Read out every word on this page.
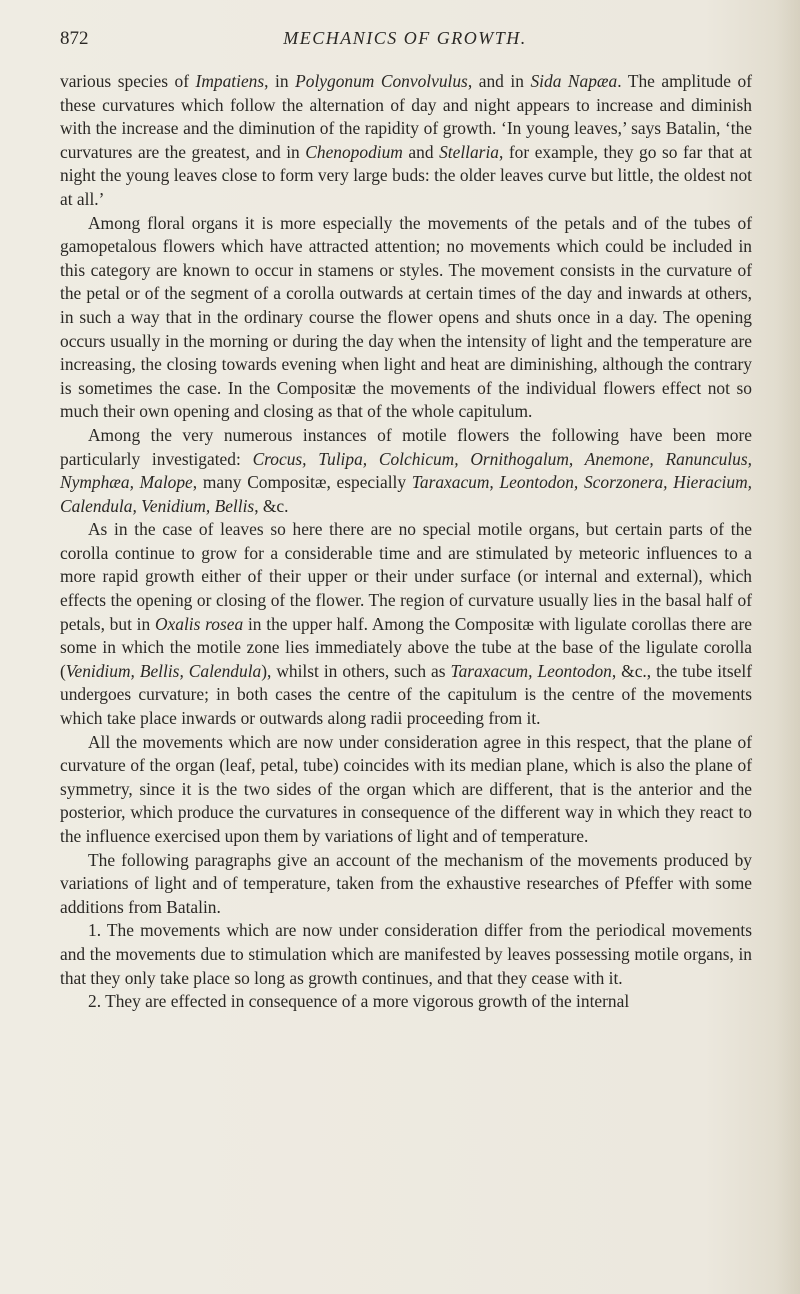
872	MECHANICS OF GROWTH.

various species of Impatiens, in Polygonum Convolvulus, and in Sida Napæa. The amplitude of these curvatures which follow the alternation of day and night appears to increase and diminish with the increase and the diminution of the rapidity of growth. ‘In young leaves,’ says Batalin, ‘the curvatures are the greatest, and in Chenopodium and Stellaria, for example, they go so far that at night the young leaves close to form very large buds: the older leaves curve but little, the oldest not at all.’

Among floral organs it is more especially the movements of the petals and of the tubes of gamopetalous flowers which have attracted attention; no movements which could be included in this category are known to occur in stamens or styles. The movement consists in the curvature of the petal or of the segment of a corolla outwards at certain times of the day and inwards at others, in such a way that in the ordinary course the flower opens and shuts once in a day. The opening occurs usually in the morning or during the day when the intensity of light and the temperature are increasing, the closing towards evening when light and heat are diminishing, although the contrary is sometimes the case. In the Compositæ the movements of the individual flowers effect not so much their own opening and closing as that of the whole capitulum.

Among the very numerous instances of motile flowers the following have been more particularly investigated: Crocus, Tulipa, Colchicum, Ornithogalum, Anemone, Ranunculus, Nymphæa, Malope, many Compositæ, especially Taraxacum, Leontodon, Scorzonera, Hieracium, Calendula, Venidium, Bellis, &c.

As in the case of leaves so here there are no special motile organs, but certain parts of the corolla continue to grow for a considerable time and are stimulated by meteoric influences to a more rapid growth either of their upper or their under surface (or internal and external), which effects the opening or closing of the flower. The region of curvature usually lies in the basal half of petals, but in Oxalis rosea in the upper half. Among the Compositæ with ligulate corollas there are some in which the motile zone lies immediately above the tube at the base of the ligulate corolla (Venidium, Bellis, Calendula), whilst in others, such as Taraxacum, Leontodon, &c., the tube itself undergoes curvature; in both cases the centre of the capitulum is the centre of the movements which take place inwards or outwards along radii proceeding from it.

All the movements which are now under consideration agree in this respect, that the plane of curvature of the organ (leaf, petal, tube) coincides with its median plane, which is also the plane of symmetry, since it is the two sides of the organ which are different, that is the anterior and the posterior, which produce the curvatures in consequence of the different way in which they react to the influence exercised upon them by variations of light and of temperature.

The following paragraphs give an account of the mechanism of the movements produced by variations of light and of temperature, taken from the exhaustive researches of Pfeffer with some additions from Batalin.

1. The movements which are now under consideration differ from the periodical movements and the movements due to stimulation which are manifested by leaves possessing motile organs, in that they only take place so long as growth continues, and that they cease with it.

2. They are effected in consequence of a more vigorous growth of the internal
